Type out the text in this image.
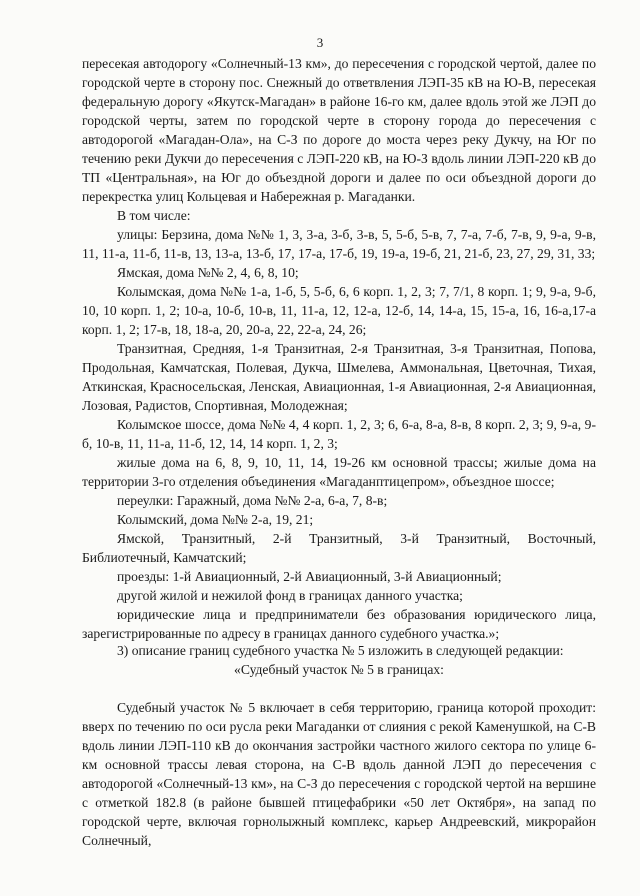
3

пересекая автодорогу «Солнечный-13 км», до пересечения с городской чертой, далее по городской черте в сторону пос. Снежный до ответвления ЛЭП-35 кВ на Ю-В, пересекая федеральную дорогу «Якутск-Магадан» в районе 16-го км, далее вдоль этой же ЛЭП до городской черты, затем по городской черте в сторону города до пересечения с автодорогой «Магадан-Ола», на С-З по дороге до моста через реку Дукчу, на Юг по течению реки Дукчи до пересечения с ЛЭП-220 кВ, на Ю-З вдоль линии ЛЭП-220 кВ до ТП «Центральная», на Юг до объездной дороги и далее по оси объездной дороги до перекрестка улиц Кольцевая и Набережная р. Магаданки.

В том числе:

улицы: Берзина, дома №№ 1, 3, 3-а, 3-б, 3-в, 5, 5-б, 5-в, 7, 7-а, 7-б, 7-в, 9, 9-а, 9-в, 11, 11-а, 11-б, 11-в, 13, 13-а, 13-б, 17, 17-а, 17-б, 19, 19-а, 19-б, 21, 21-б, 23, 27, 29, 31, 33;

Ямская, дома №№ 2, 4, 6, 8, 10;

Колымская, дома №№ 1-а, 1-б, 5, 5-б, 6, 6 корп. 1, 2, 3; 7, 7/1, 8 корп. 1; 9, 9-а, 9-б, 10, 10 корп. 1, 2; 10-а, 10-б, 10-в, 11, 11-а, 12, 12-а, 12-б, 14, 14-а, 15, 15-а, 16, 16-а,17-а корп. 1, 2; 17-в, 18, 18-а, 20, 20-а, 22, 22-а, 24, 26;

Транзитная, Средняя, 1-я Транзитная, 2-я Транзитная, 3-я Транзитная, Попова, Продольная, Камчатская, Полевая, Дукча, Шмелева, Аммональная, Цветочная, Тихая, Аткинская, Красносельская, Ленская, Авиационная, 1-я Авиационная, 2-я Авиационная, Лозовая, Радистов, Спортивная, Молодежная;

Колымское шоссе, дома №№ 4, 4 корп. 1, 2, 3; 6, 6-а, 8-а, 8-в, 8 корп. 2, 3; 9, 9-а, 9-б, 10-в, 11, 11-а, 11-б, 12, 14, 14 корп. 1, 2, 3;

жилые дома на 6, 8, 9, 10, 11, 14, 19-26 км основной трассы; жилые дома на территории 3-го отделения объединения «Магаданптицепром», объездное шоссе;

переулки: Гаражный, дома №№ 2-а, 6-а, 7, 8-в;

Колымский, дома №№ 2-а, 19, 21;

Ямской, Транзитный, 2-й Транзитный, 3-й Транзитный, Восточный, Библиотечный, Камчатский;

проезды: 1-й Авиационный, 2-й Авиационный, 3-й Авиационный;

другой жилой и нежилой фонд в границах данного участка;

юридические лица и предприниматели без образования юридического лица, зарегистрированные по адресу в границах данного судебного участка.»;

3) описание границ судебного участка № 5 изложить в следующей редакции:

«Судебный участок № 5 в границах:

Судебный участок № 5 включает в себя территорию, граница которой проходит: вверх по течению по оси русла реки Магаданки от слияния с рекой Каменушкой, на С-В вдоль линии ЛЭП-110 кВ до окончания застройки частного жилого сектора по улице 6-км основной трассы левая сторона, на С-В вдоль данной ЛЭП до пересечения с автодорогой «Солнечный-13 км», на С-З до пересечения с городской чертой на вершине с отметкой 182.8 (в районе бывшей птицефабрики «50 лет Октября», на запад по городской черте, включая горнолыжный комплекс, карьер Андреевский, микрорайон Солнечный,
